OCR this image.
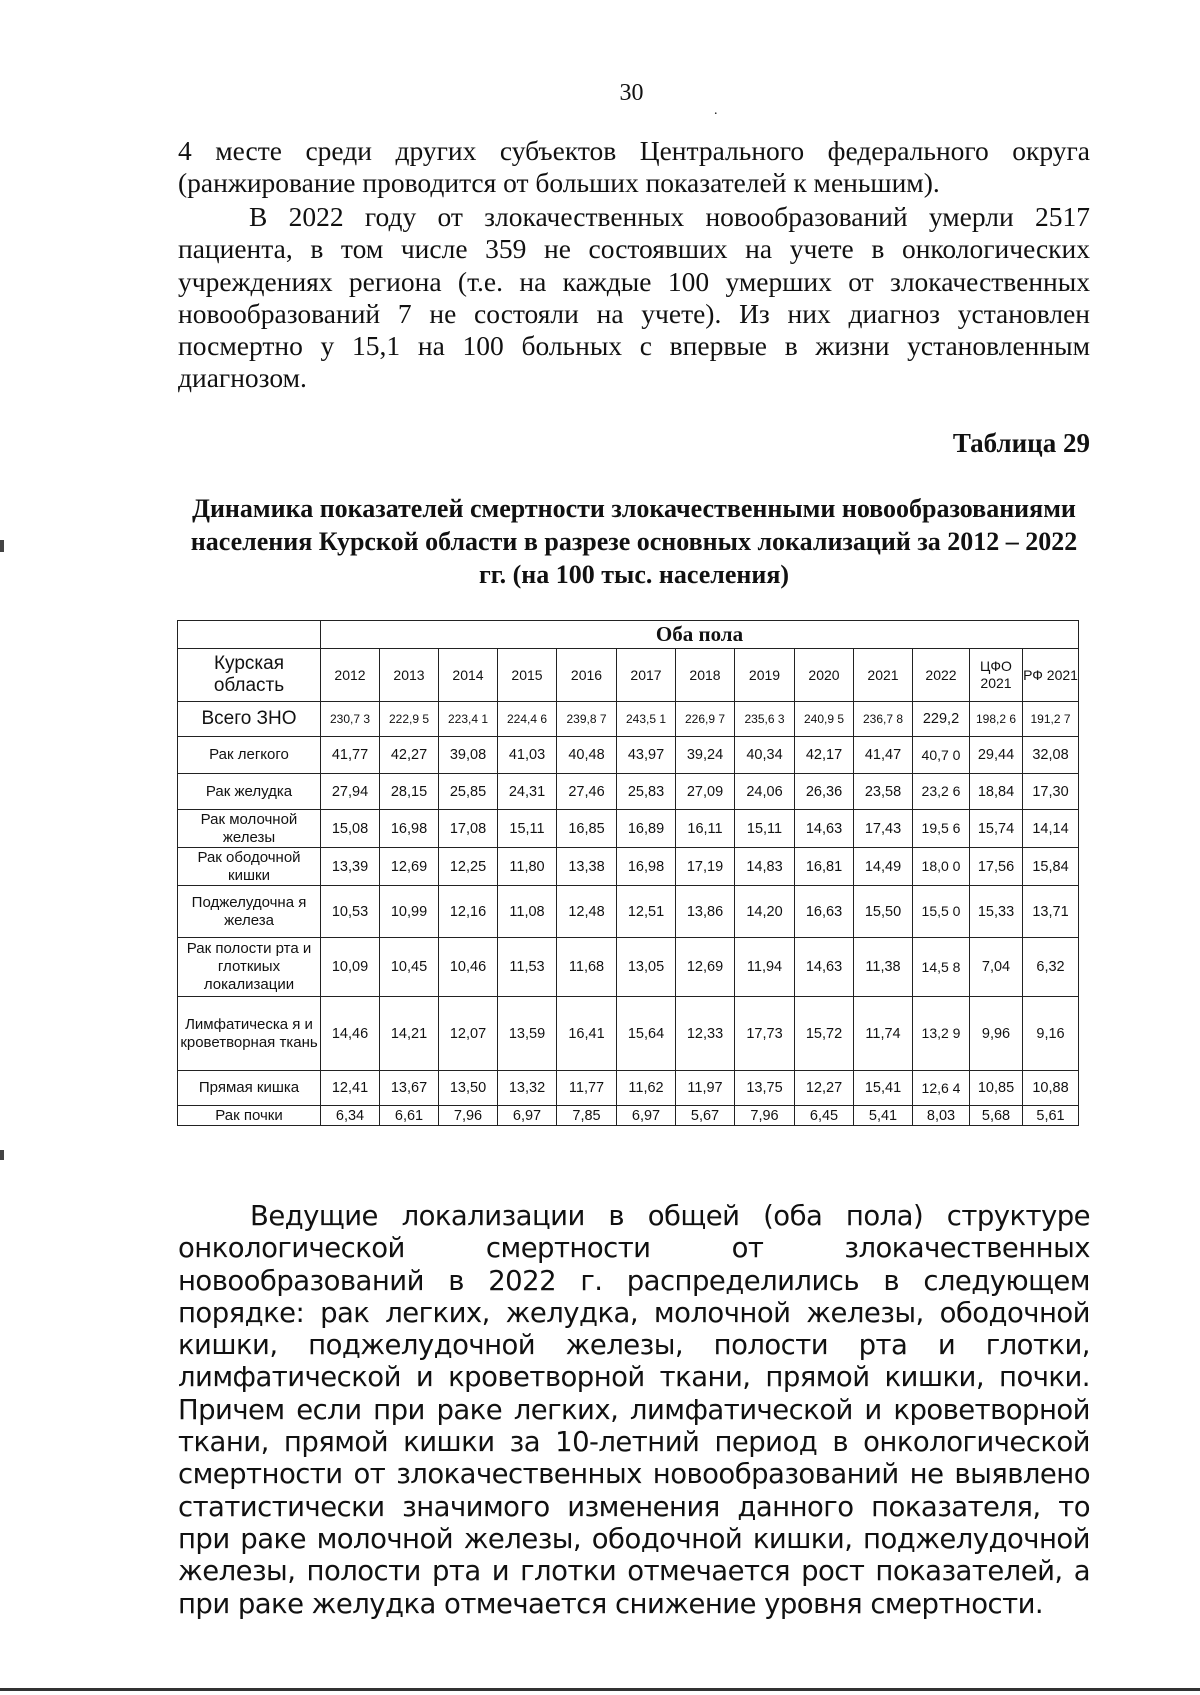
30
.
4 месте среди других субъектов Центрального федерального округа (ранжирование проводится от больших показателей к меньшим).
В 2022 году от злокачественных новообразований умерли 2517 пациента, в том числе 359 не состоявших на учете в онкологических учреждениях региона (т.е. на каждые 100 умерших от злокачественных новообразований 7 не состояли на учете). Из них диагноз установлен посмертно у 15,1 на 100 больных с впервые в жизни установленным диагнозом.
Таблица 29
Динамика показателей смертности злокачественными новообразованиями населения Курской области в разрезе основных локализаций за 2012 – 2022 гг. (на 100 тыс. населения)
	Оба пола												
Курская область	2012	2013	2014	2015	2016	2017	2018	2019	2020	2021	2022	ЦФО 2021	РФ 2021
Всего ЗНО	230,7 3	222,9 5	223,4 1	224,4 6	239,8 7	243,5 1	226,9 7	235,6 3	240,9 5	236,7 8	229,2	198,2 6	191,2 7
Рак легкого	41,77	42,27	39,08	41,03	40,48	43,97	39,24	40,34	42,17	41,47	40,7 0	29,44	32,08
Рак желудка	27,94	28,15	25,85	24,31	27,46	25,83	27,09	24,06	26,36	23,58	23,2 6	18,84	17,30
Рак молочной железы	15,08	16,98	17,08	15,11	16,85	16,89	16,11	15,11	14,63	17,43	19,5 6	15,74	14,14
Рак ободочной кишки	13,39	12,69	12,25	11,80	13,38	16,98	17,19	14,83	16,81	14,49	18,0 0	17,56	15,84
Поджелудочна я железа	10,53	10,99	12,16	11,08	12,48	12,51	13,86	14,20	16,63	15,50	15,5 0	15,33	13,71
Рак полости рта и глоткиых локализации	10,09	10,45	10,46	11,53	11,68	13,05	12,69	11,94	14,63	11,38	14,5 8	7,04	6,32
Лимфатическа я и кроветворная ткань	14,46	14,21	12,07	13,59	16,41	15,64	12,33	17,73	15,72	11,74	13,2 9	9,96	9,16
Прямая кишка	12,41	13,67	13,50	13,32	11,77	11,62	11,97	13,75	12,27	15,41	12,6 4	10,85	10,88
Рак почки	6,34	6,61	7,96	6,97	7,85	6,97	5,67	7,96	6,45	5,41	8,03	5,68	5,61
Ведущие локализации в общей (оба пола) структуре онкологической смертности от злокачественных новообразований в 2022 г. распределились в следующем порядке: рак легких, желудка, молочной железы, ободочной кишки, поджелудочной железы, полости рта и глотки, лимфатической и кроветворной ткани, прямой кишки, почки. Причем если при раке легких, лимфатической и кроветворной ткани, прямой кишки за 10-летний период в онкологической смертности от злокачественных новообразований не выявлено статистически значимого изменения данного показателя, то при раке молочной железы, ободочной кишки, поджелудочной железы, полости рта и глотки отмечается рост показателей, а при раке желудка отмечается снижение уровня смертности.
